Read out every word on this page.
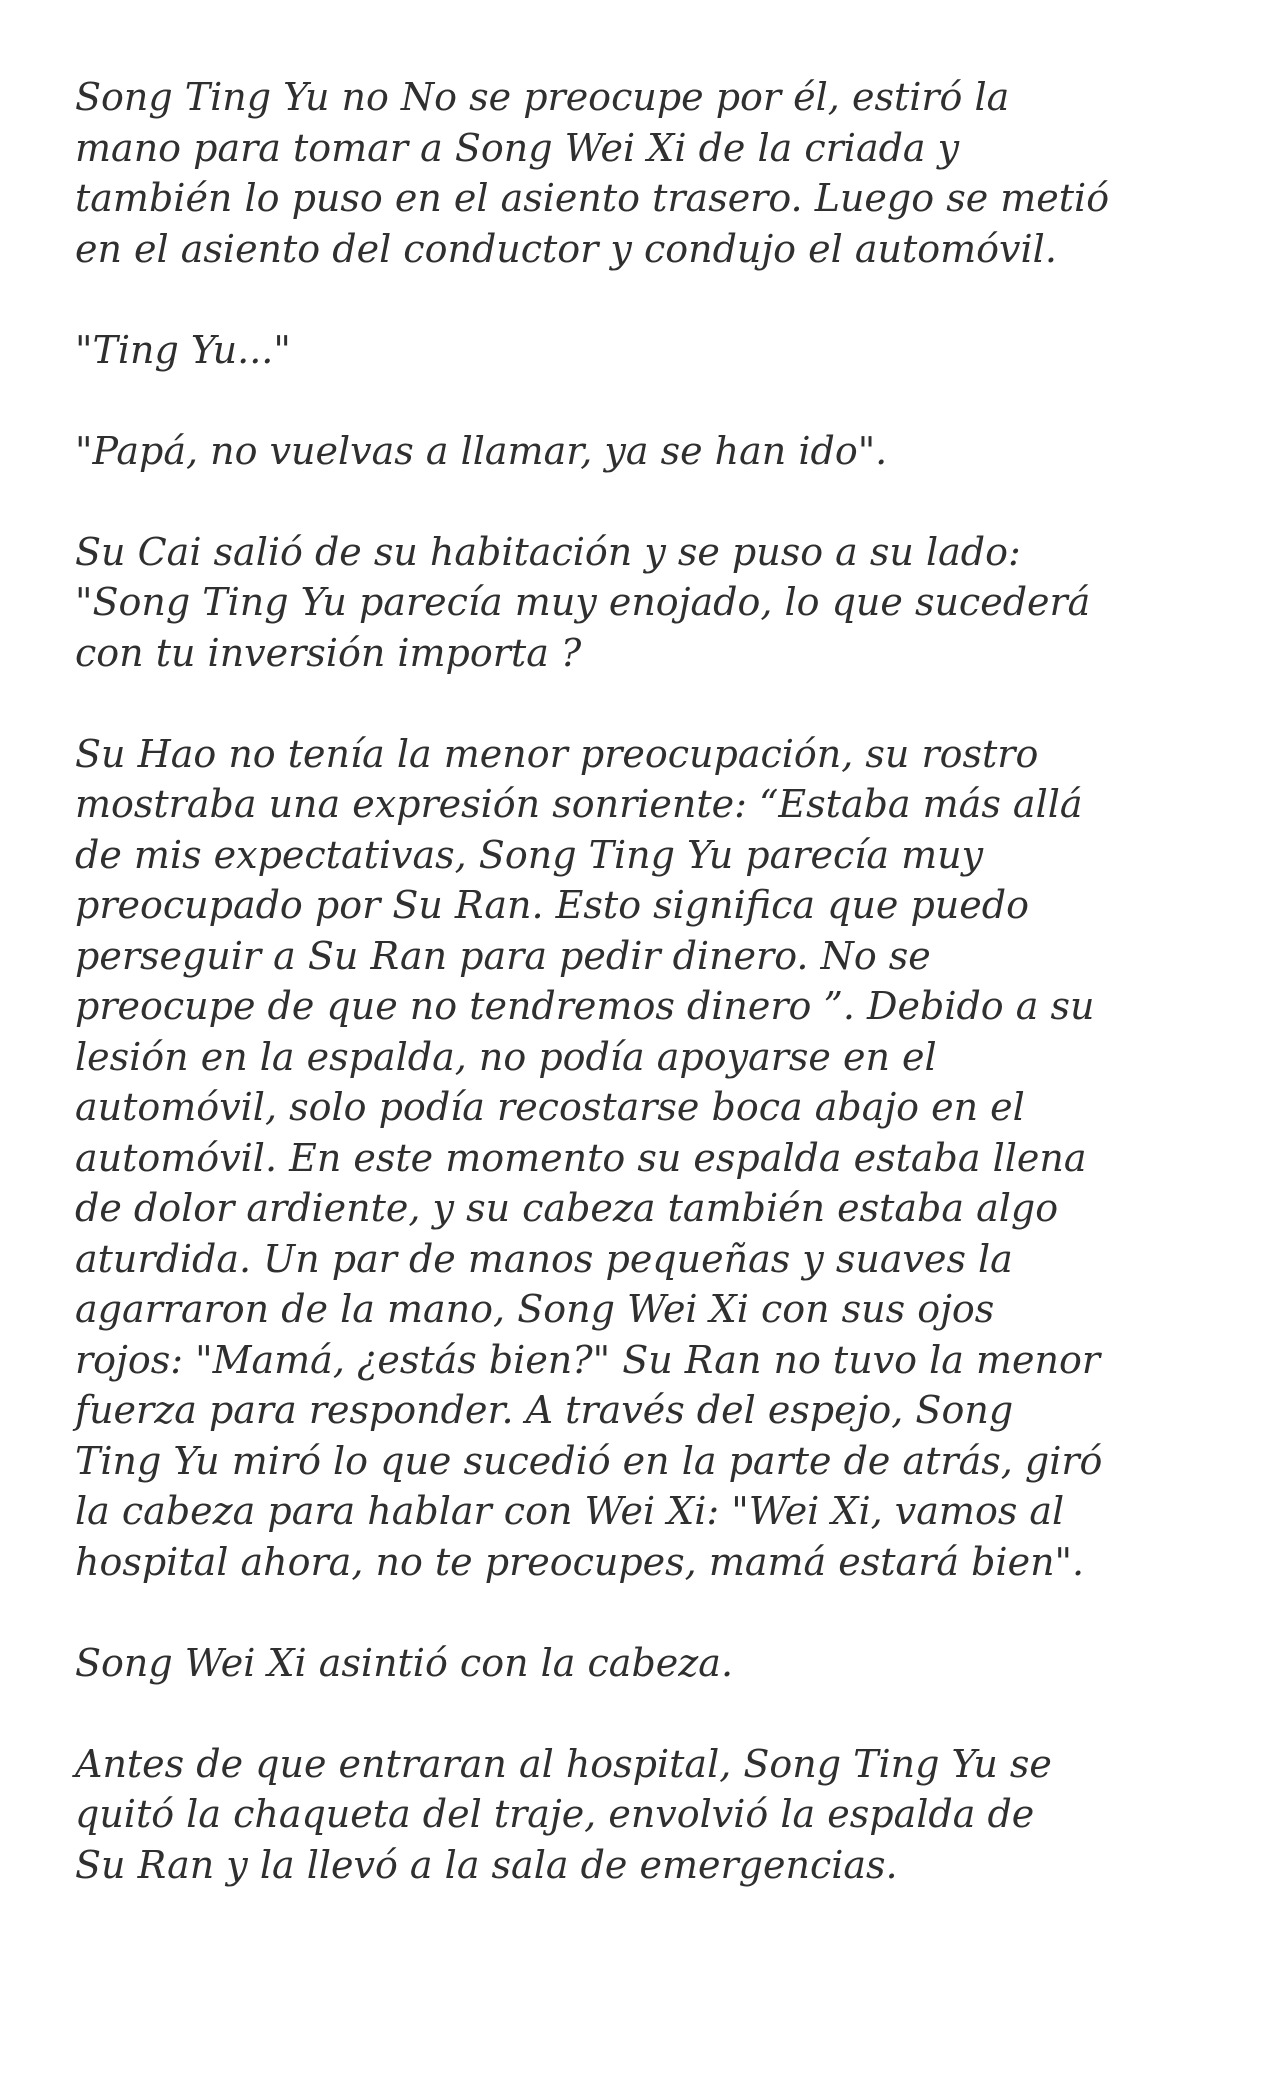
Song Ting Yu no No se preocupe por él, estiró la
mano para tomar a Song Wei Xi de la criada y
también lo puso en el asiento trasero. Luego se metió
en el asiento del conductor y condujo el automóvil.
"Ting Yu..."
"Papá, no vuelvas a llamar, ya se han ido".
Su Cai salió de su habitación y se puso a su lado:
"Song Ting Yu parecía muy enojado, lo que sucederá
con tu inversión importa ?
Su Hao no tenía la menor preocupación, su rostro
mostraba una expresión sonriente: “Estaba más allá
de mis expectativas, Song Ting Yu parecía muy
preocupado por Su Ran. Esto significa que puedo
perseguir a Su Ran para pedir dinero. No se
preocupe de que no tendremos dinero ”. Debido a su
lesión en la espalda, no podía apoyarse en el
automóvil, solo podía recostarse boca abajo en el
automóvil. En este momento su espalda estaba llena
de dolor ardiente, y su cabeza también estaba algo
aturdida. Un par de manos pequeñas y suaves la
agarraron de la mano, Song Wei Xi con sus ojos
rojos: "Mamá, ¿estás bien?" Su Ran no tuvo la menor
fuerza para responder. A través del espejo, Song
Ting Yu miró lo que sucedió en la parte de atrás, giró
la cabeza para hablar con Wei Xi: "Wei Xi, vamos al
hospital ahora, no te preocupes, mamá estará bien".
Song Wei Xi asintió con la cabeza.
Antes de que entraran al hospital, Song Ting Yu se
quitó la chaqueta del traje, envolvió la espalda de
Su Ran y la llevó a la sala de emergencias.
